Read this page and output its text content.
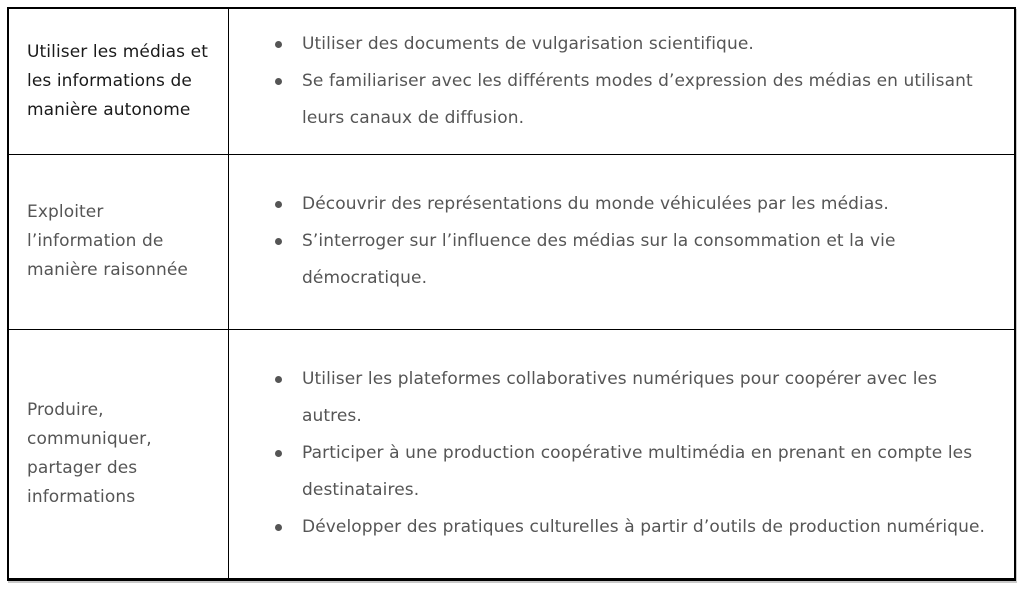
Utiliser les médias et les informations de manière autonome

Utiliser des documents de vulgarisation scientifique.
Se familiariser avec les différents modes d’expression des médias en utilisant leurs canaux de diffusion.

Exploiter l’information de manière raisonnée

Découvrir des représentations du monde véhiculées par les médias.
S’interroger sur l’influence des médias sur la consommation et la vie démocratique.

Produire, communiquer, partager des informations

Utiliser les plateformes collaboratives numériques pour coopérer avec les autres.
Participer à une production coopérative multimédia en prenant en compte les destinataires.
Développer des pratiques culturelles à partir d’outils de production numérique.
